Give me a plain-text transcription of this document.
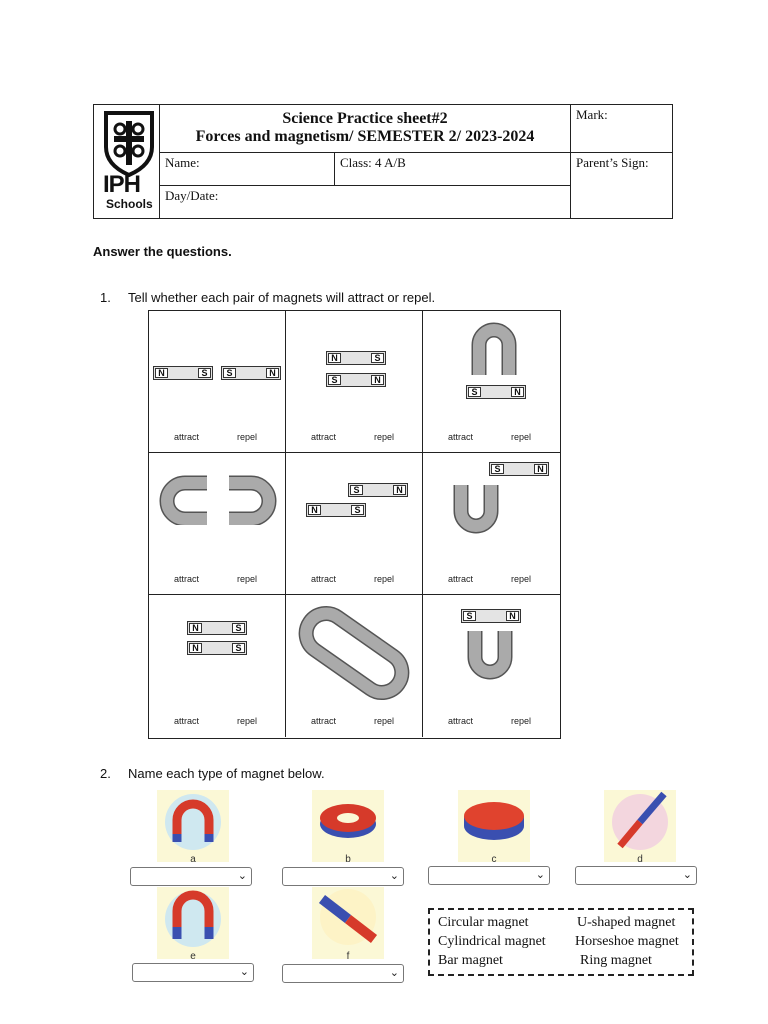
IPH
Schools
Science Practice sheet#2
Forces and magnetism/ SEMESTER 2/ 2023-2024
Mark:
Name:	Class: 4 A/B	Parent’s Sign:
Day/Date:
Answer the questions.
1. Tell whether each pair of magnets will attract or repel.
N	S	S	N
attract	repel
N	S
S	N
attract	repel
S	N
attract	repel
attract	repel
S	N
N	S
attract	repel
S	N
attract	repel
N	S
N	S
attract	repel	attract	repel
S	N
attract	repel
2. Name each type of magnet below.
a	b	c	d
⌄	⌄	⌄	⌄
e	f
⌄	⌄
Circular magnet	U-shaped magnet
Cylindrical magnet Horseshoe magnet
Bar magnet	Ring magnet
